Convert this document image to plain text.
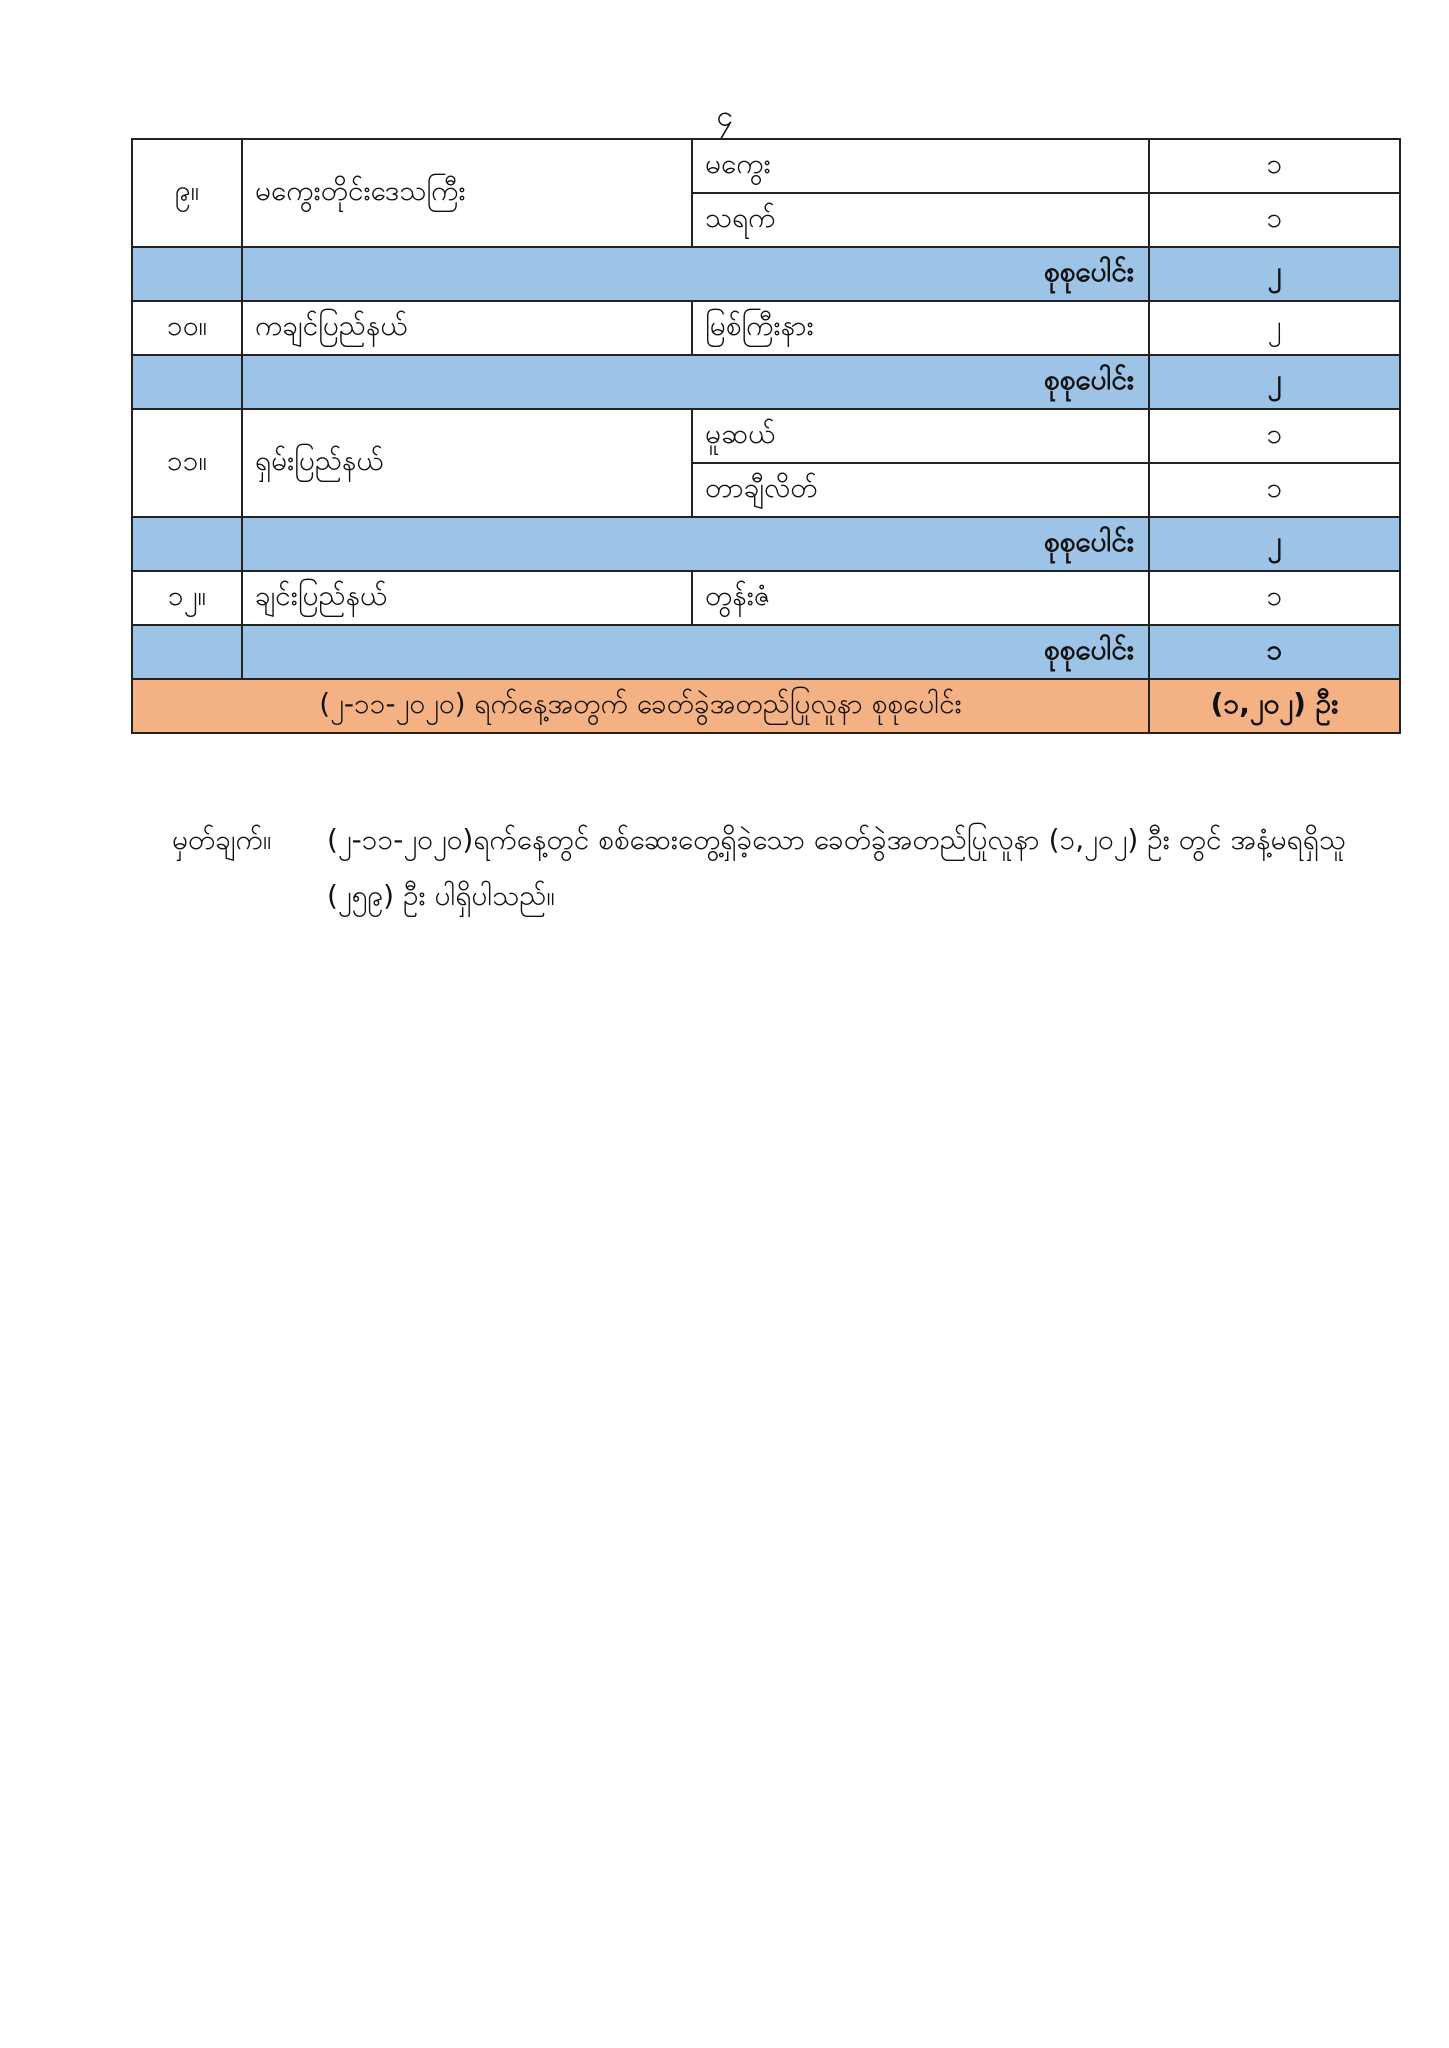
၄
၉။	မကွေးတိုင်းဒေသကြီး	မကွေး	၁
		သရက်	၁
	စုစုပေါင်း		၂
၁၀။	ကချင်ပြည်နယ်	မြစ်ကြီးနား	၂
	စုစုပေါင်း		၂
၁၁။	ရှမ်းပြည်နယ်	မူဆယ်	၁
		တာချီလိတ်	၁
	စုစုပေါင်း		၂
၁၂။	ချင်းပြည်နယ်	တွန်းဇံ	၁
	စုစုပေါင်း		၁
(၂-၁၁-၂၀၂၀) ရက်နေ့အတွက် ခေတ်ခွဲအတည်ပြုလူနာ စုစုပေါင်း			(၁,၂၀၂) ဦး
မှတ်ချက်။ (၂-၁၁-၂၀၂၀)ရက်နေ့တွင် စစ်ဆေးတွေ့ရှိခဲ့သော ခေတ်ခွဲအတည်ပြုလူနာ (၁,၂၀၂) ဦး တွင် အနံ့မရရှိသူ (၂၅၉) ဦး ပါရှိပါသည်။
